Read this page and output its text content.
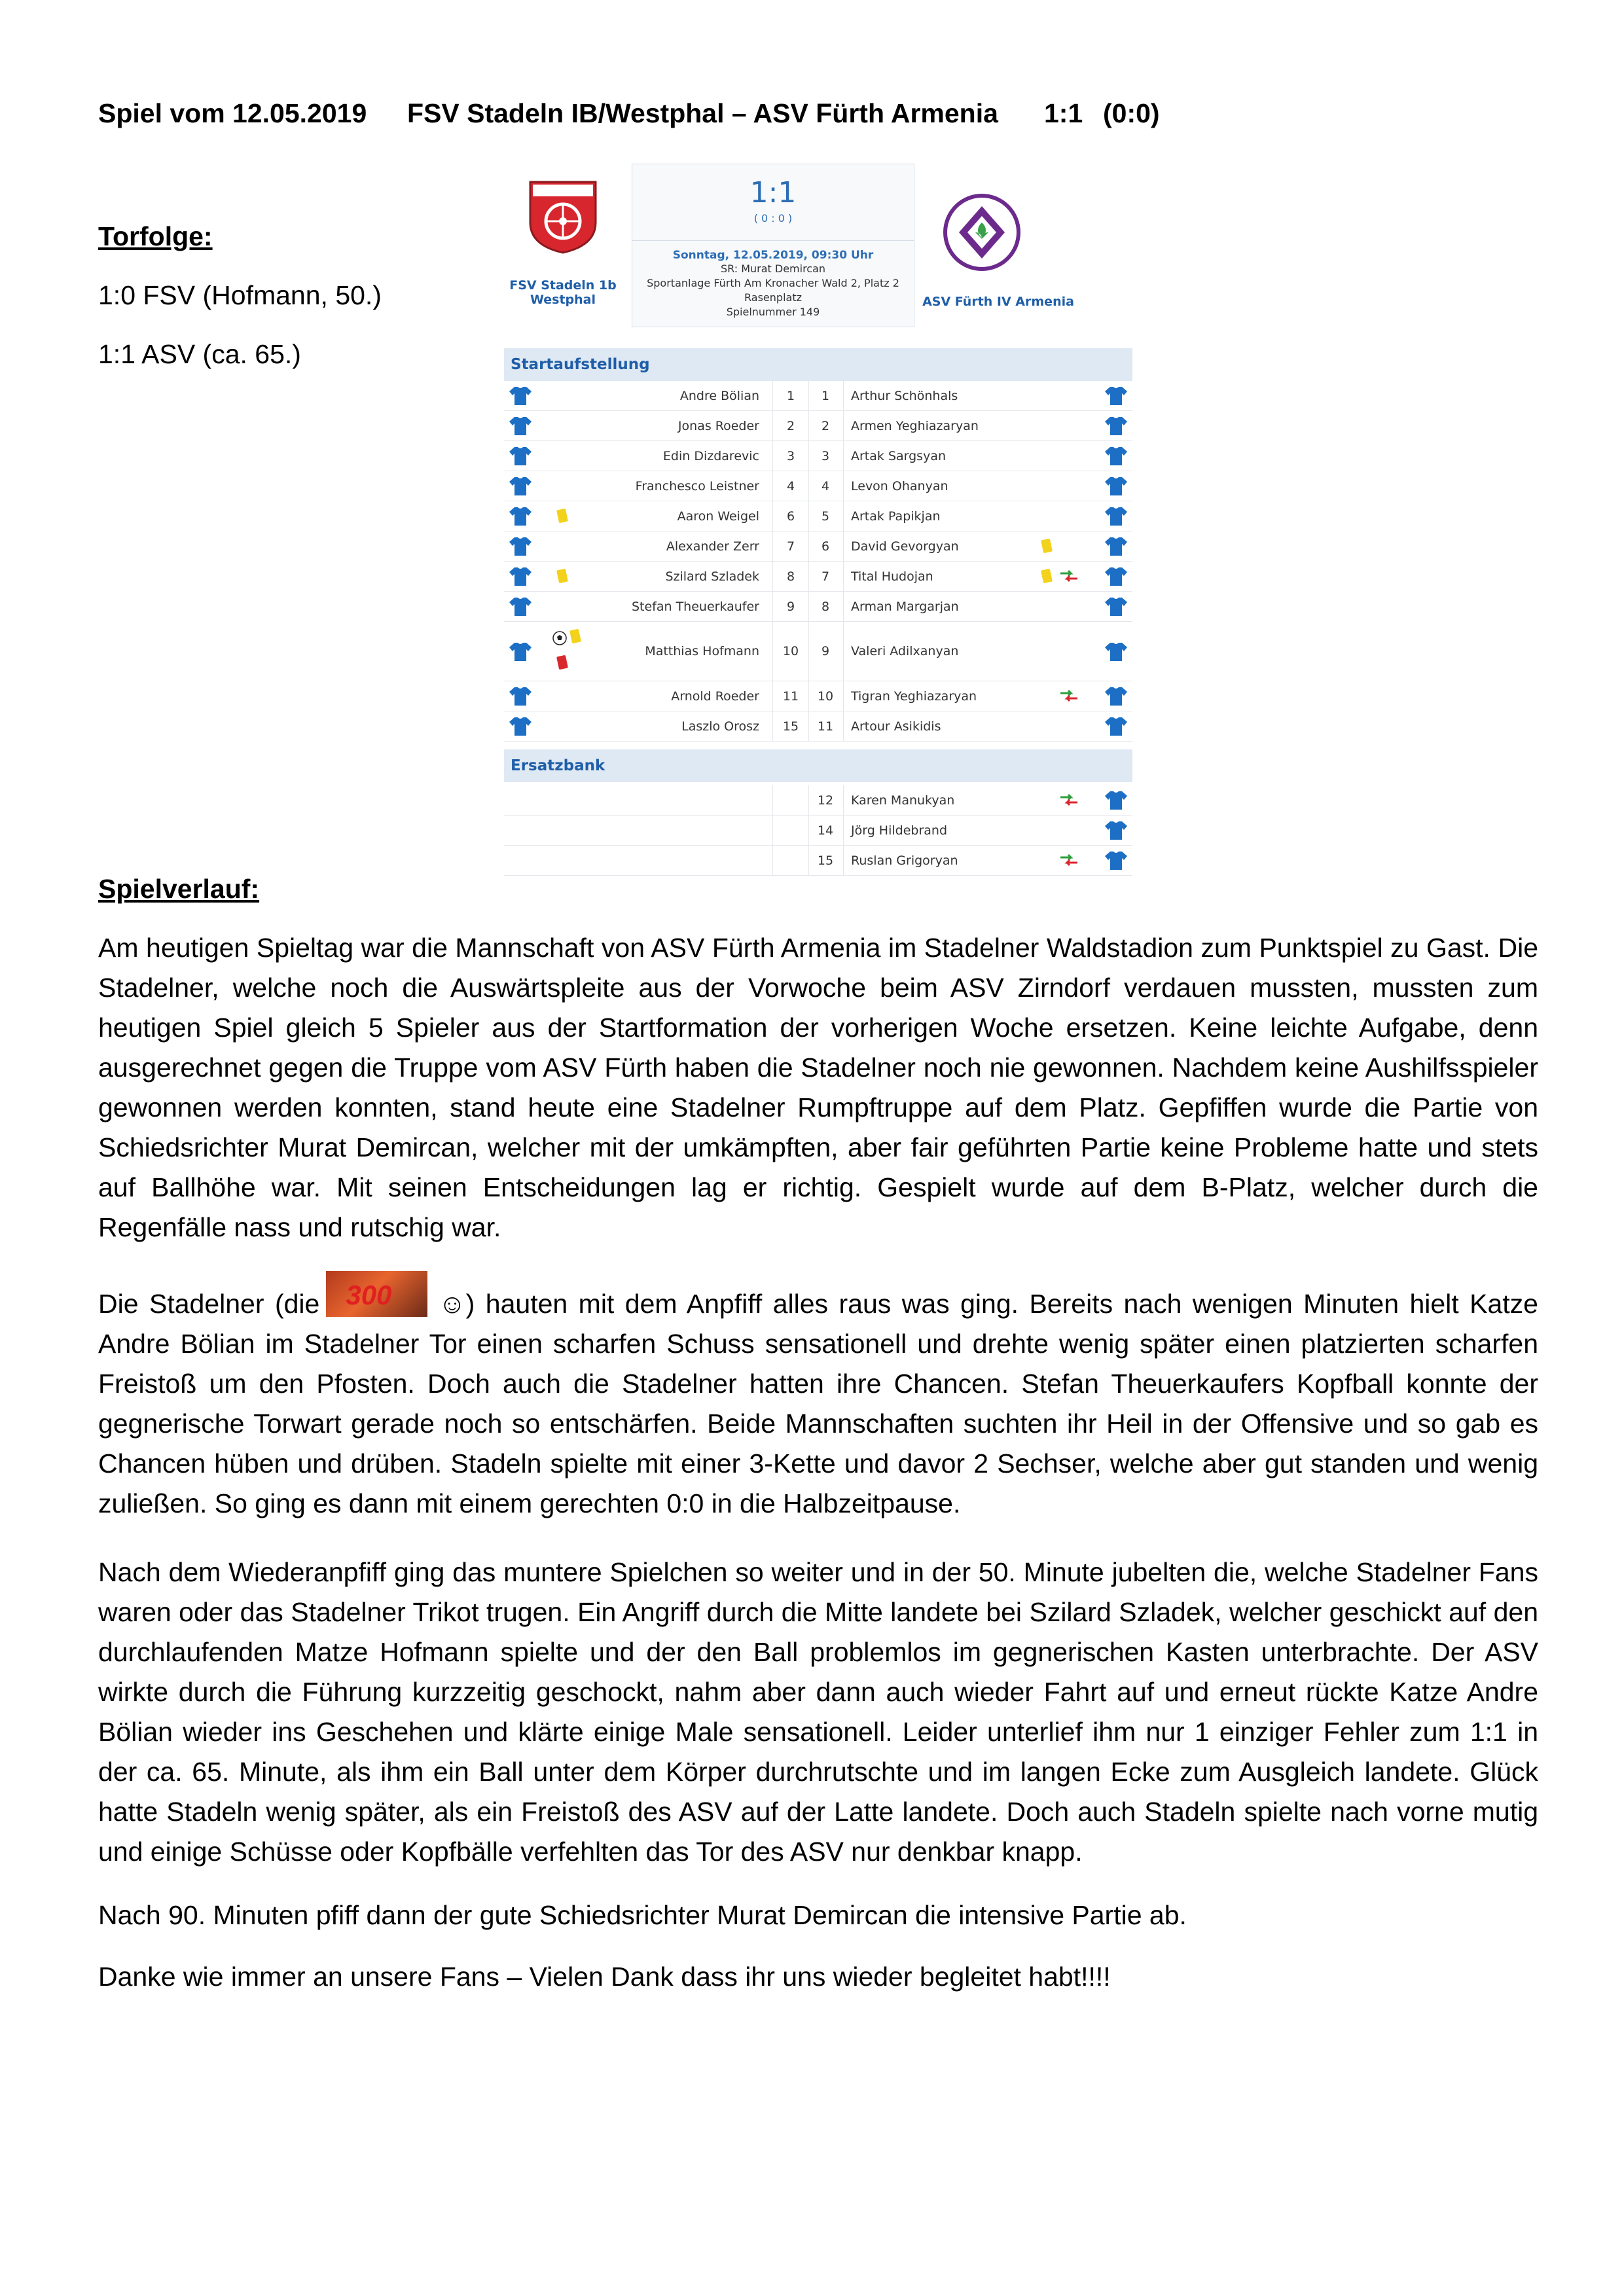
Spiel vom 12.05.2019 FSV Stadeln IB/Westphal – ASV Fürth Armenia 1:1 (0:0)
Torfolge:
1:0 FSV (Hofmann, 50.)
1:1 ASV (ca. 65.)
FSV Stadeln 1b Westphal
1:1
( 0 : 0 )
Sonntag, 12.05.2019, 09:30 Uhr
SR: Murat Demircan
Sportanlage Fürth Am Kronacher Wald 2, Platz 2
Rasenplatz
Spielnummer 149
ASV Fürth IV Armenia
Startaufstellung
Andre Bölian	1	1	Arthur Schönhals
Jonas Roeder	2	2	Armen Yeghiazaryan
Edin Dizdarevic	3	3	Artak Sargsyan
Franchesco Leistner	4	4	Levon Ohanyan
Aaron Weigel	6	5	Artak Papikjan
Alexander Zerr	7	6	David Gevorgyan
Szilard Szladek	8	7	Tital Hudojan
Stefan Theuerkaufer	9	8	Arman Margarjan
Matthias Hofmann	10	9	Valeri Adilxanyan
Arnold Roeder	11	10	Tigran Yeghiazaryan
Laszlo Orosz	15	11	Artour Asikidis
Ersatzbank
12	Karen Manukyan
14	Jörg Hildebrand
15	Ruslan Grigoryan
Spielverlauf:
Am heutigen Spieltag war die Mannschaft von ASV Fürth Armenia im Stadelner Waldstadion zum Punktspiel zu Gast. Die Stadelner, welche noch die Auswärtspleite aus der Vorwoche beim ASV Zirndorf verdauen mussten, mussten zum heutigen Spiel gleich 5 Spieler aus der Startformation der vorherigen Woche ersetzen. Keine leichte Aufgabe, denn ausgerechnet gegen die Truppe vom ASV Fürth haben die Stadelner noch nie gewonnen. Nachdem keine Aushilfsspieler gewonnen werden konnten, stand heute eine Stadelner Rumpftruppe auf dem Platz. Gepfiffen wurde die Partie von Schiedsrichter Murat Demircan, welcher mit der umkämpften, aber fair geführten Partie keine Probleme hatte und stets auf Ballhöhe war. Mit seinen Entscheidungen lag er richtig. Gespielt wurde auf dem B-Platz, welcher durch die Regenfälle nass und rutschig war.
Die Stadelner (die 300 ☺) hauten mit dem Anpfiff alles raus was ging. Bereits nach wenigen Minuten hielt Katze Andre Bölian im Stadelner Tor einen scharfen Schuss sensationell und drehte wenig später einen platzierten scharfen Freistoß um den Pfosten. Doch auch die Stadelner hatten ihre Chancen. Stefan Theuerkaufers Kopfball konnte der gegnerische Torwart gerade noch so entschärfen. Beide Mannschaften suchten ihr Heil in der Offensive und so gab es Chancen hüben und drüben. Stadeln spielte mit einer 3-Kette und davor 2 Sechser, welche aber gut standen und wenig zuließen. So ging es dann mit einem gerechten 0:0 in die Halbzeitpause.
Nach dem Wiederanpfiff ging das muntere Spielchen so weiter und in der 50. Minute jubelten die, welche Stadelner Fans waren oder das Stadelner Trikot trugen. Ein Angriff durch die Mitte landete bei Szilard Szladek, welcher geschickt auf den durchlaufenden Matze Hofmann spielte und der den Ball problemlos im gegnerischen Kasten unterbrachte. Der ASV wirkte durch die Führung kurzzeitig geschockt, nahm aber dann auch wieder Fahrt auf und erneut rückte Katze Andre Bölian wieder ins Geschehen und klärte einige Male sensationell. Leider unterlief ihm nur 1 einziger Fehler zum 1:1 in der ca. 65. Minute, als ihm ein Ball unter dem Körper durchrutschte und im langen Ecke zum Ausgleich landete. Glück hatte Stadeln wenig später, als ein Freistoß des ASV auf der Latte landete. Doch auch Stadeln spielte nach vorne mutig und einige Schüsse oder Kopfbälle verfehlten das Tor des ASV nur denkbar knapp.
Nach 90. Minuten pfiff dann der gute Schiedsrichter Murat Demircan die intensive Partie ab.
Danke wie immer an unsere Fans – Vielen Dank dass ihr uns wieder begleitet habt!!!!
